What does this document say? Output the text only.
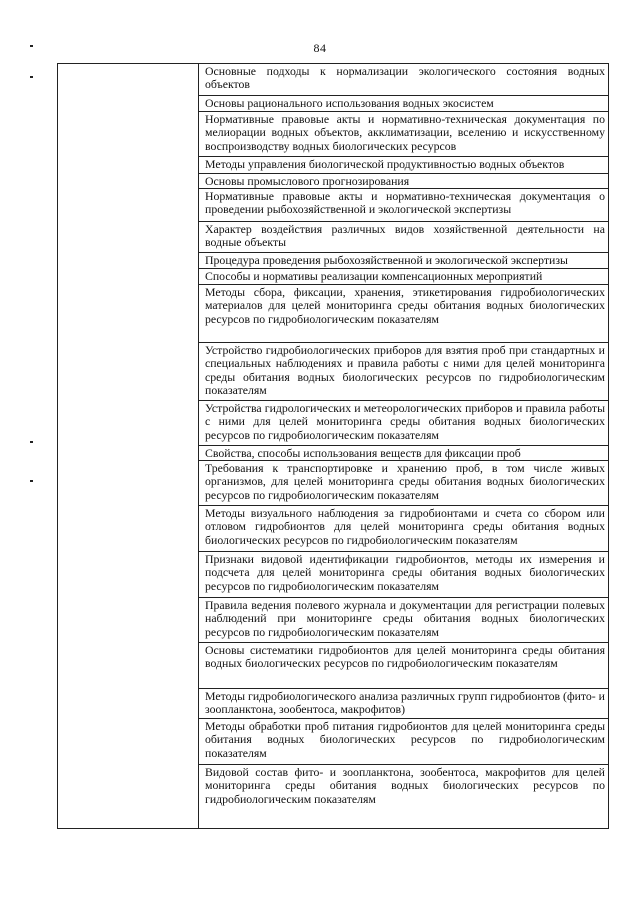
84
Основные подходы к нормализации экологического состояния водных объектов
Основы рационального использования водных экосистем
Нормативные правовые акты и нормативно-техническая документация по мелиорации водных объектов, акклиматизации, вселению и искусственному воспроизводству водных биологических ресурсов
Методы управления биологической продуктивностью водных объектов
Основы промыслового прогнозирования
Нормативные правовые акты и нормативно-техническая документация о проведении рыбохозяйственной и экологической экспертизы
Характер воздействия различных видов хозяйственной деятельности на водные объекты
Процедура проведения рыбохозяйственной и экологической экспертизы
Способы и нормативы реализации компенсационных мероприятий
Методы сбора, фиксации, хранения, этикетирования гидробиологических материалов для целей мониторинга среды обитания водных биологических ресурсов по гидробиологическим показателям
Устройство гидробиологических приборов для взятия проб при стандартных и специальных наблюдениях и правила работы с ними для целей мониторинга среды обитания водных биологических ресурсов по гидробиологическим показателям
Устройства гидрологических и метеорологических приборов и правила работы с ними для целей мониторинга среды обитания водных биологических ресурсов по гидробиологическим показателям
Свойства, способы использования веществ для фиксации проб
Требования к транспортировке и хранению проб, в том числе живых организмов, для целей мониторинга среды обитания водных биологических ресурсов по гидробиологическим показателям
Методы визуального наблюдения за гидробионтами и счета со сбором или отловом гидробионтов для целей мониторинга среды обитания водных биологических ресурсов по гидробиологическим показателям
Признаки видовой идентификации гидробионтов, методы их измерения и подсчета для целей мониторинга среды обитания водных биологических ресурсов по гидробиологическим показателям
Правила ведения полевого журнала и документации для регистрации полевых наблюдений при мониторинге среды обитания водных биологических ресурсов по гидробиологическим показателям
Основы систематики гидробионтов для целей мониторинга среды обитания водных биологических ресурсов по гидробиологическим показателям
Методы гидробиологического анализа различных групп гидробионтов (фито- и зоопланктона, зообентоса, макрофитов)
Методы обработки проб питания гидробионтов для целей мониторинга среды обитания водных биологических ресурсов по гидробиологическим показателям
Видовой состав фито- и зоопланктона, зообентоса, макрофитов для целей мониторинга среды обитания водных биологических ресурсов по гидробиологическим показателям
